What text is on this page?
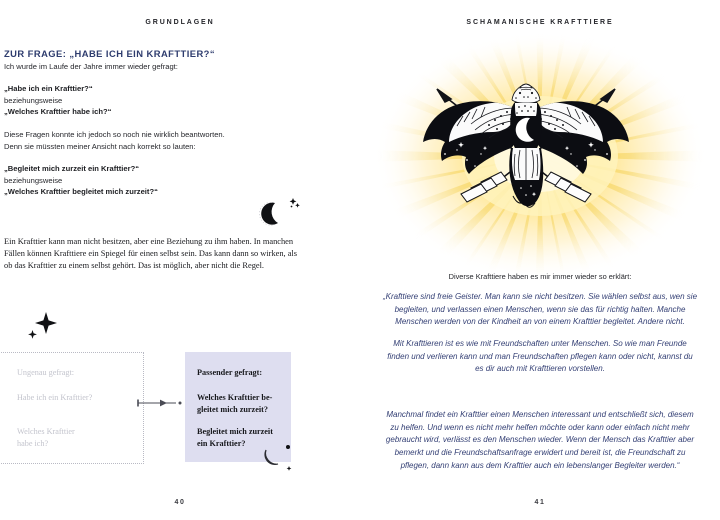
GRUNDLAGEN
ZUR FRAGE: „HABE ICH EIN KRAFTTIER?“
Ich wurde im Laufe der Jahre immer wieder gefragt:

„Habe ich ein Krafttier?“

beziehungsweise

„Welches Krafttier habe ich?“

Diese Fragen konnte ich jedoch so noch nie wirklich beantworten.

Denn sie müssten meiner Ansicht nach korrekt so lauten:

„Begleitet mich zurzeit ein Krafttier?“

beziehungsweise

„Welches Krafttier begleitet mich zurzeit?“

Ein Krafttier kann man nicht besitzen, aber eine Beziehung zu ihm haben. In manchen Fällen können Krafttiere ein Spiegel für einen selbst sein. Das kann dann so wirken, als ob das Krafttier zu einem selbst gehört. Das ist möglich, aber nicht die Regel.
Ungenau gefragt:
Habe ich ein Krafttier?
Welches Krafttier
habe ich?
Passender gefragt:
Welches Krafttier be-
gleitet mich zurzeit?
Begleitet mich zurzeit
ein Krafttier?
40
SCHAMANISCHE KRAFTTIERE
Diverse Krafttiere haben es mir immer wieder so erklärt:
„Krafttiere sind freie Geister. Man kann sie nicht besitzen. Sie wählen selbst aus, wen sie begleiten, und verlassen einen Menschen, wenn sie das für richtig halten. Manche Menschen werden von der Kindheit an von einem Krafttier begleitet. Andere nicht.
Mit Krafttieren ist es wie mit Freundschaften unter Menschen. So wie man Freunde finden und verlieren kann und man Freundschaften pflegen kann oder nicht, kannst du es dir auch mit Krafttieren vorstellen.
Manchmal findet ein Krafttier einen Menschen interessant und entschließt sich, diesem zu helfen. Und wenn es nicht mehr helfen möchte oder kann oder einfach nicht mehr gebraucht wird, verlässt es den Menschen wieder. Wenn der Mensch das Krafttier aber bemerkt und die Freundschaftsanfrage erwidert und bereit ist, die Freundschaft zu pflegen, dann kann aus dem Krafttier auch ein lebenslanger Begleiter werden.“
41
